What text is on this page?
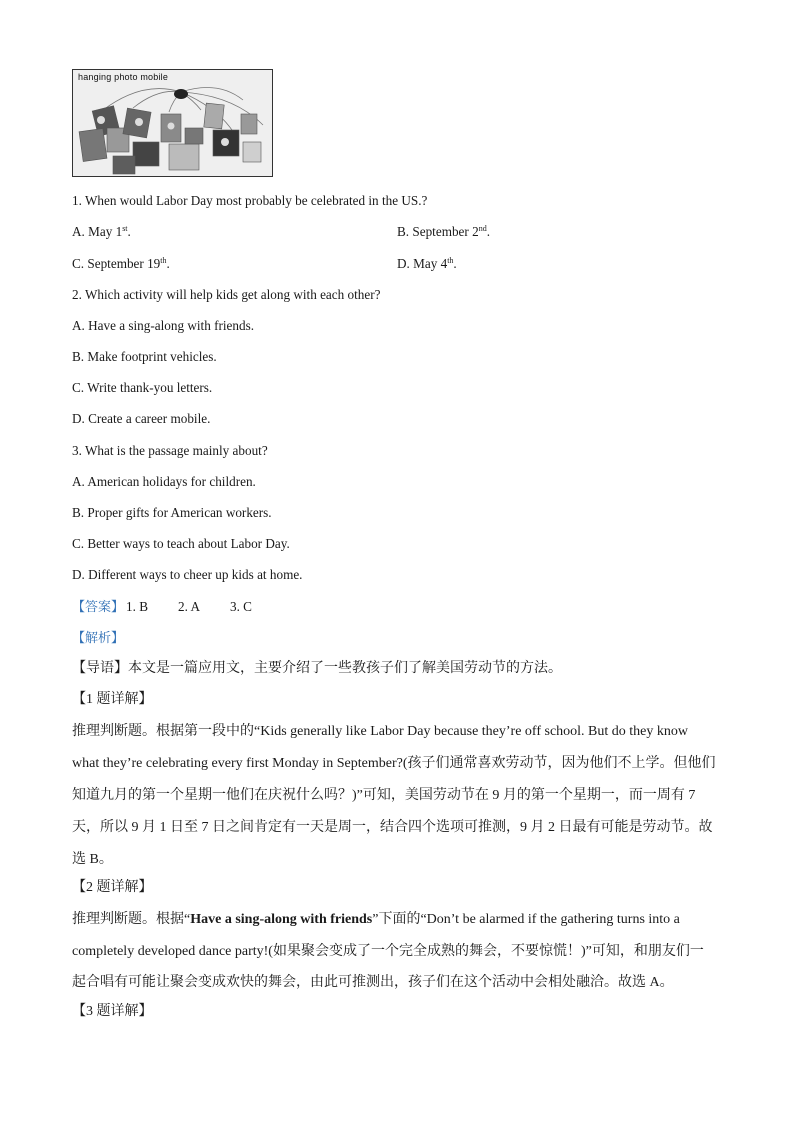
hanging photo mobile
1. When would Labor Day most probably be celebrated in the US.?
A. May 1st.	B. September 2nd.
C. September 19th.	D. May 4th.
2. Which activity will help kids get along with each other?
A. Have a sing-along with friends.
B. Make footprint vehicles.
C. Write thank-you letters.
D. Create a career mobile.
3. What is the passage mainly about?
A. American holidays for children.
B. Proper gifts for American workers.
C. Better ways to teach about Labor Day.
D. Different ways to cheer up kids at home.
【答案】 1. B 2. A 3. C
【解析】
【导语】本文是一篇应用文，主要介绍了一些教孩子们了解美国劳动节的方法。
【1 题详解】
推理判断题。根据第一段中的“Kids generally like Labor Day because they’re off school. But do they know
what they’re celebrating every first Monday in September?(孩子们通常喜欢劳动节，因为他们不上学。但他们
知道九月的第一个星期一他们在庆祝什么吗？)”可知，美国劳动节在 9 月的第一个星期一，而一周有 7
天，所以 9 月 1 日至 7 日之间肯定有一天是周一，结合四个选项可推测，9 月 2 日最有可能是劳动节。故
选 B。
【2 题详解】
推理判断题。根据“Have a sing-along with friends”下面的“Don’t be alarmed if the gathering turns into a
completely developed dance party!(如果聚会变成了一个完全成熟的舞会，不要惊慌！)”可知，和朋友们一
起合唱有可能让聚会变成欢快的舞会，由此可推测出，孩子们在这个活动中会相处融洽。故选 A。
【3 题详解】
